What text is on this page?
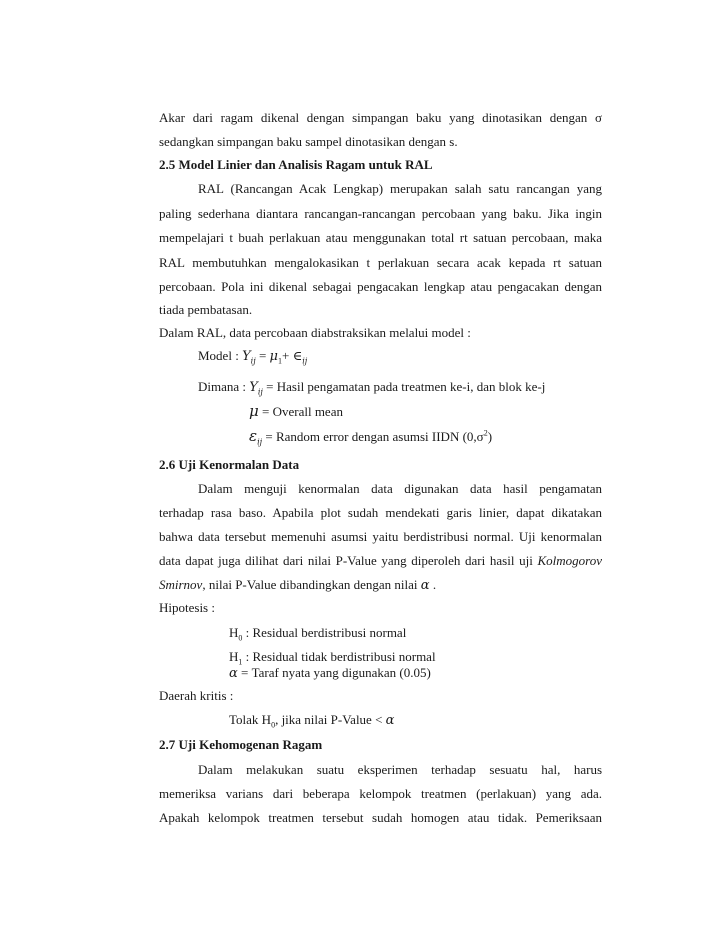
Akar dari ragam dikenal dengan simpangan baku yang dinotasikan dengan σ
sedangkan simpangan baku sampel dinotasikan dengan s.
2.5 Model Linier dan Analisis Ragam untuk RAL
RAL (Rancangan Acak Lengkap) merupakan salah satu rancangan yang
paling sederhana diantara rancangan-rancangan percobaan yang baku. Jika ingin
mempelajari t buah perlakuan atau menggunakan total rt satuan percobaan, maka
RAL membutuhkan mengalokasikan t perlakuan secara acak kepada rt satuan
percobaan. Pola ini dikenal sebagai pengacakan lengkap atau pengacakan dengan
tiada pembatasan.
Dalam RAL, data percobaan diabstraksikan melalui model :
Model : $Y_{ij} = \mu_1+$ $\in_{ij}$
Dimana : $Y_{ij}$ = Hasil pengamatan pada treatmen ke-i, dan blok ke-j
μ = Overall mean
$\varepsilon_{ij}$ = Random error dengan asumsi IIDN $(0,\sigma^2)$
2.6 Uji Kenormalan Data
Dalam menguji kenormalan data digunakan data hasil pengamatan
terhadap rasa baso. Apabila plot sudah mendekati garis linier, dapat dikatakan
bahwa data tersebut memenuhi asumsi yaitu berdistribusi normal. Uji kenormalan
data dapat juga dilihat dari nilai P-Value yang diperoleh dari hasil uji Kolmogorov
Smirnov, nilai P-Value dibandingkan dengan nilai α .
Hipotesis :
$H_0$ : Residual berdistribusi normal
$H_1$ : Residual tidak berdistribusi normal
α = Taraf nyata yang digunakan (0.05)
Daerah kritis :
Tolak $H_0$, jika nilai P-Value < α
2.7 Uji Kehomogenan Ragam
Dalam melakukan suatu eksperimen terhadap sesuatu hal, harus
memeriksa varians dari beberapa kelompok treatmen (perlakuan) yang ada.
Apakah kelompok treatmen tersebut sudah homogen atau tidak. Pemeriksaan
